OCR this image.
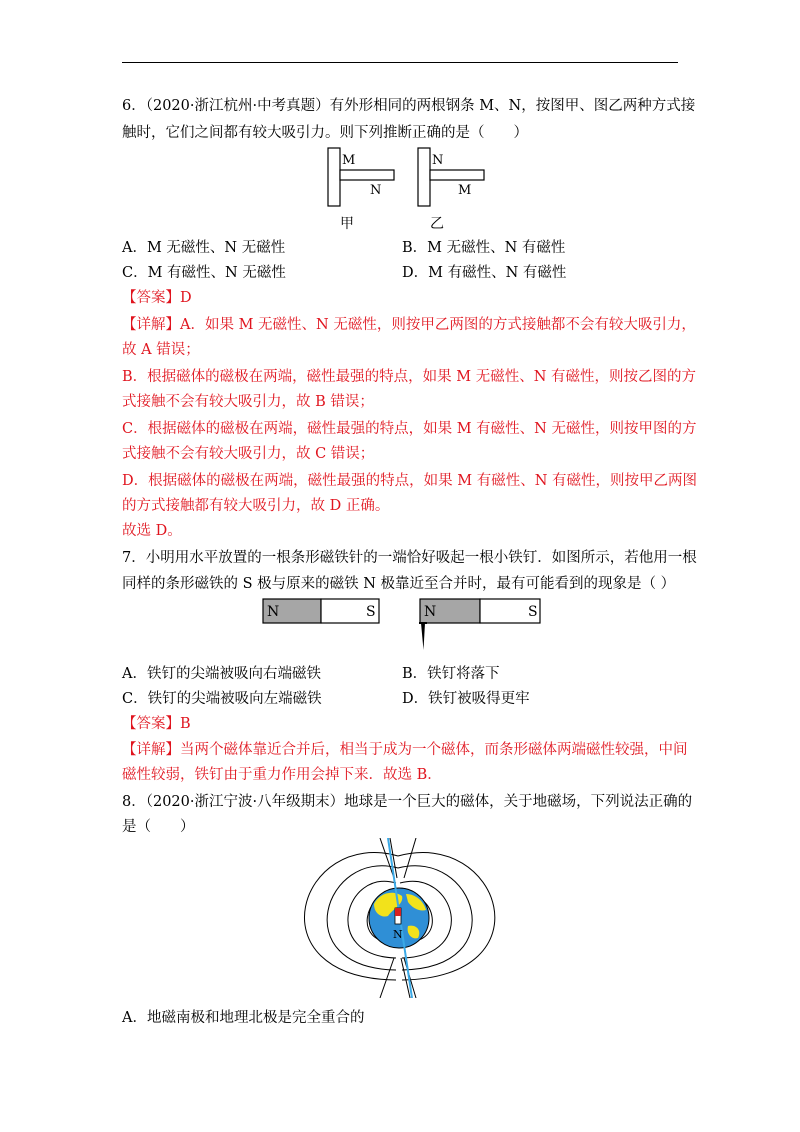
6．（2020·浙江杭州·中考真题）有外形相同的两根钢条 M、N，按图甲、图乙两种方式接
触时，它们之间都有较大吸引力。则下列推断正确的是（　　）
M
N
甲
N
M
乙
A．M 无磁性、N 无磁性	B．M 无磁性、N 有磁性
C．M 有磁性、N 无磁性	D．M 有磁性、N 有磁性
【答案】D
【详解】A．如果 M 无磁性、N 无磁性，则按甲乙两图的方式接触都不会有较大吸引力，
故 A 错误；
B．根据磁体的磁极在两端，磁性最强的特点，如果 M 无磁性、N 有磁性，则按乙图的方
式接触不会有较大吸引力，故 B 错误；
C．根据磁体的磁极在两端，磁性最强的特点，如果 M 有磁性、N 无磁性，则按甲图的方
式接触不会有较大吸引力，故 C 错误；
D．根据磁体的磁极在两端，磁性最强的特点，如果 M 有磁性、N 有磁性，则按甲乙两图
的方式接触都有较大吸引力，故 D 正确。
故选 D。
7．小明用水平放置的一根条形磁铁针的一端恰好吸起一根小铁钉．如图所示，若他用一根
同样的条形磁铁的 S 极与原来的磁铁 N 极靠近至合并时，最有可能看到的现象是（ ）
N	S	N	S
A．铁钉的尖端被吸向右端磁铁	B．铁钉将落下
C．铁钉的尖端被吸向左端磁铁	D．铁钉被吸得更牢
【答案】B
【详解】当两个磁体靠近合并后，相当于成为一个磁体，而条形磁体两端磁性较强，中间
磁性较弱，铁钉由于重力作用会掉下来．故选 B．
8．（2020·浙江宁波·八年级期末）地球是一个巨大的磁体，关于地磁场，下列说法正确的
是（　　）
N
A．地磁南极和地理北极是完全重合的
